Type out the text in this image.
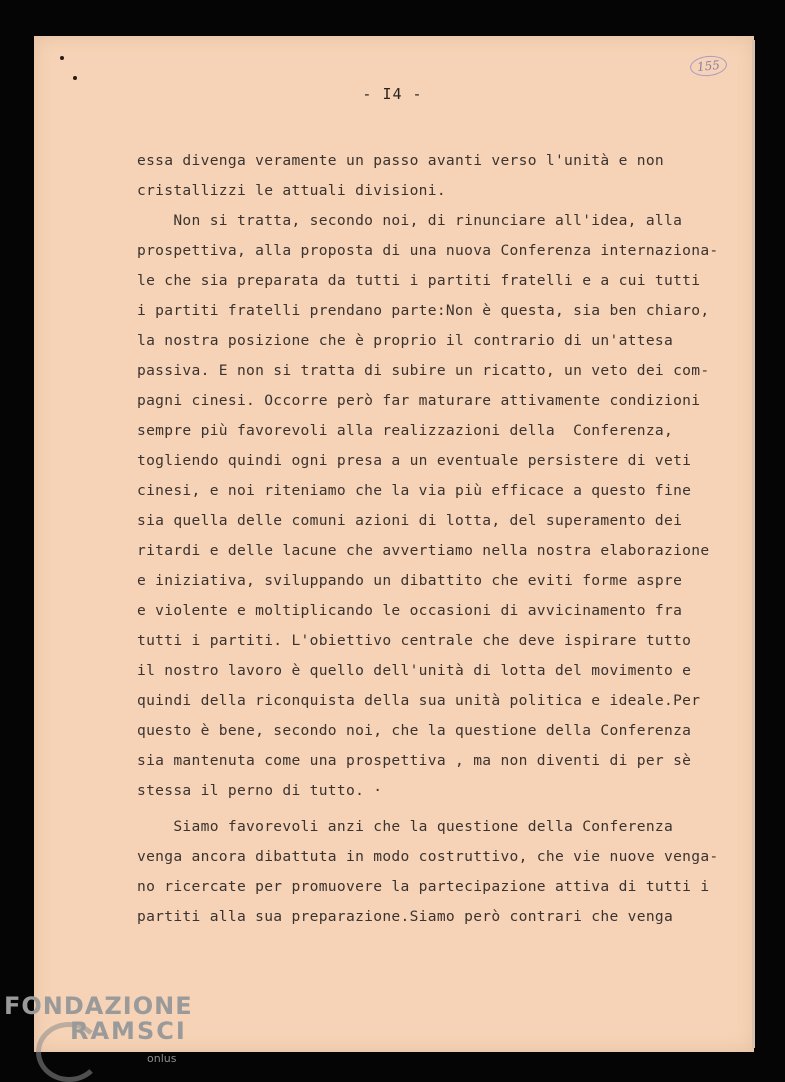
- I4 -
155
essa divenga veramente un passo avanti verso l'unità e non
cristallizzi le attuali divisioni.
Non si tratta, secondo noi, di rinunciare all'idea, alla
prospettiva, alla proposta di una nuova Conferenza internaziona-
le che sia preparata da tutti i partiti fratelli e a cui tutti
i partiti fratelli prendano parte:Non è questa, sia ben chiaro,
la nostra posizione che è proprio il contrario di un'attesa
passiva. E non si tratta di subire un ricatto, un veto dei com-
pagni cinesi. Occorre però far maturare attivamente condizioni
sempre più favorevoli alla realizzazioni della  Conferenza,
togliendo quindi ogni presa a un eventuale persistere di veti
cinesi, e noi riteniamo che la via più efficace a questo fine
sia quella delle comuni azioni di lotta, del superamento dei
ritardi e delle lacune che avvertiamo nella nostra elaborazione
e iniziativa, sviluppando un dibattito che eviti forme aspre
e violente e moltiplicando le occasioni di avvicinamento fra
tutti i partiti. L'obiettivo centrale che deve ispirare tutto
il nostro lavoro è quello dell'unità di lotta del movimento e
quindi della riconquista della sua unità politica e ideale.Per
questo è bene, secondo noi, che la questione della Conferenza
sia mantenuta come una prospettiva , ma non diventi di per sè
stessa il perno di tutto. ·
Siamo favorevoli anzi che la questione della Conferenza
venga ancora dibattuta in modo costruttivo, che vie nuove venga-
no ricercate per promuovere la partecipazione attiva di tutti i
partiti alla sua preparazione.Siamo però contrari che venga
FONDAZIONE
RAMSCI
onlus
